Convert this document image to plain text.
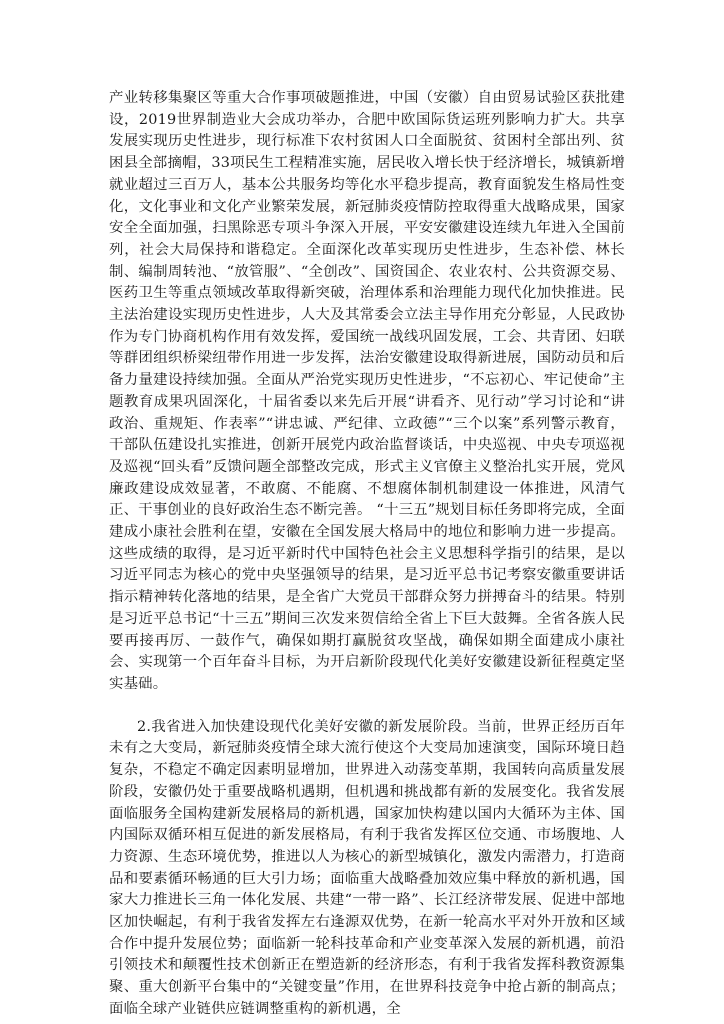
产业转移集聚区等重大合作事项破题推进，中国（安徽）自由贸易试验区获批建设，2019世界制造业大会成功举办，合肥中欧国际货运班列影响力扩大。共享发展实现历史性进步，现行标准下农村贫困人口全面脱贫、贫困村全部出列、贫困县全部摘帽，33项民生工程精准实施，居民收入增长快于经济增长，城镇新增就业超过三百万人，基本公共服务均等化水平稳步提高，教育面貌发生格局性变化，文化事业和文化产业繁荣发展，新冠肺炎疫情防控取得重大战略成果，国家安全全面加强，扫黑除恶专项斗争深入开展，平安安徽建设连续九年进入全国前列，社会大局保持和谐稳定。全面深化改革实现历史性进步，生态补偿、林长制、编制周转池、“放管服”、“全创改”、国资国企、农业农村、公共资源交易、医药卫生等重点领域改革取得新突破，治理体系和治理能力现代化加快推进。民主法治建设实现历史性进步，人大及其常委会立法主导作用充分彰显，人民政协作为专门协商机构作用有效发挥，爱国统一战线巩固发展，工会、共青团、妇联等群团组织桥梁纽带作用进一步发挥，法治安徽建设取得新进展，国防动员和后备力量建设持续加强。全面从严治党实现历史性进步，“不忘初心、牢记使命”主题教育成果巩固深化，十届省委以来先后开展“讲看齐、见行动”学习讨论和“讲政治、重规矩、作表率”“讲忠诚、严纪律、立政德”“三个以案”系列警示教育，干部队伍建设扎实推进，创新开展党内政治监督谈话，中央巡视、中央专项巡视及巡视“回头看”反馈问题全部整改完成，形式主义官僚主义整治扎实开展，党风廉政建设成效显著，不敢腐、不能腐、不想腐体制机制建设一体推进，风清气正、干事创业的良好政治生态不断完善。 “十三五”规划目标任务即将完成，全面建成小康社会胜利在望，安徽在全国发展大格局中的地位和影响力进一步提高。这些成绩的取得，是习近平新时代中国特色社会主义思想科学指引的结果，是以习近平同志为核心的党中央坚强领导的结果，是习近平总书记考察安徽重要讲话指示精神转化落地的结果，是全省广大党员干部群众努力拼搏奋斗的结果。特别是习近平总书记“十三五”期间三次发来贺信给全省上下巨大鼓舞。全省各族人民要再接再厉、一鼓作气，确保如期打赢脱贫攻坚战，确保如期全面建成小康社会、实现第一个百年奋斗目标，为开启新阶段现代化美好安徽建设新征程奠定坚实基础。

2.我省进入加快建设现代化美好安徽的新发展阶段。当前，世界正经历百年未有之大变局，新冠肺炎疫情全球大流行使这个大变局加速演变，国际环境日趋复杂，不稳定不确定因素明显增加，世界进入动荡变革期，我国转向高质量发展阶段，安徽仍处于重要战略机遇期，但机遇和挑战都有新的发展变化。我省发展面临服务全国构建新发展格局的新机遇，国家加快构建以国内大循环为主体、国内国际双循环相互促进的新发展格局，有利于我省发挥区位交通、市场腹地、人力资源、生态环境优势，推进以人为核心的新型城镇化，激发内需潜力，打造商品和要素循环畅通的巨大引力场；面临重大战略叠加效应集中释放的新机遇，国家大力推进长三角一体化发展、共建“一带一路”、长江经济带发展、促进中部地区加快崛起，有利于我省发挥左右逢源双优势，在新一轮高水平对外开放和区域合作中提升发展位势；面临新一轮科技革命和产业变革深入发展的新机遇，前沿引领技术和颠覆性技术创新正在塑造新的经济形态，有利于我省发挥科教资源集聚、重大创新平台集中的“关键变量”作用，在世界科技竞争中抢占新的制高点；面临全球产业链供应链调整重构的新机遇，全
